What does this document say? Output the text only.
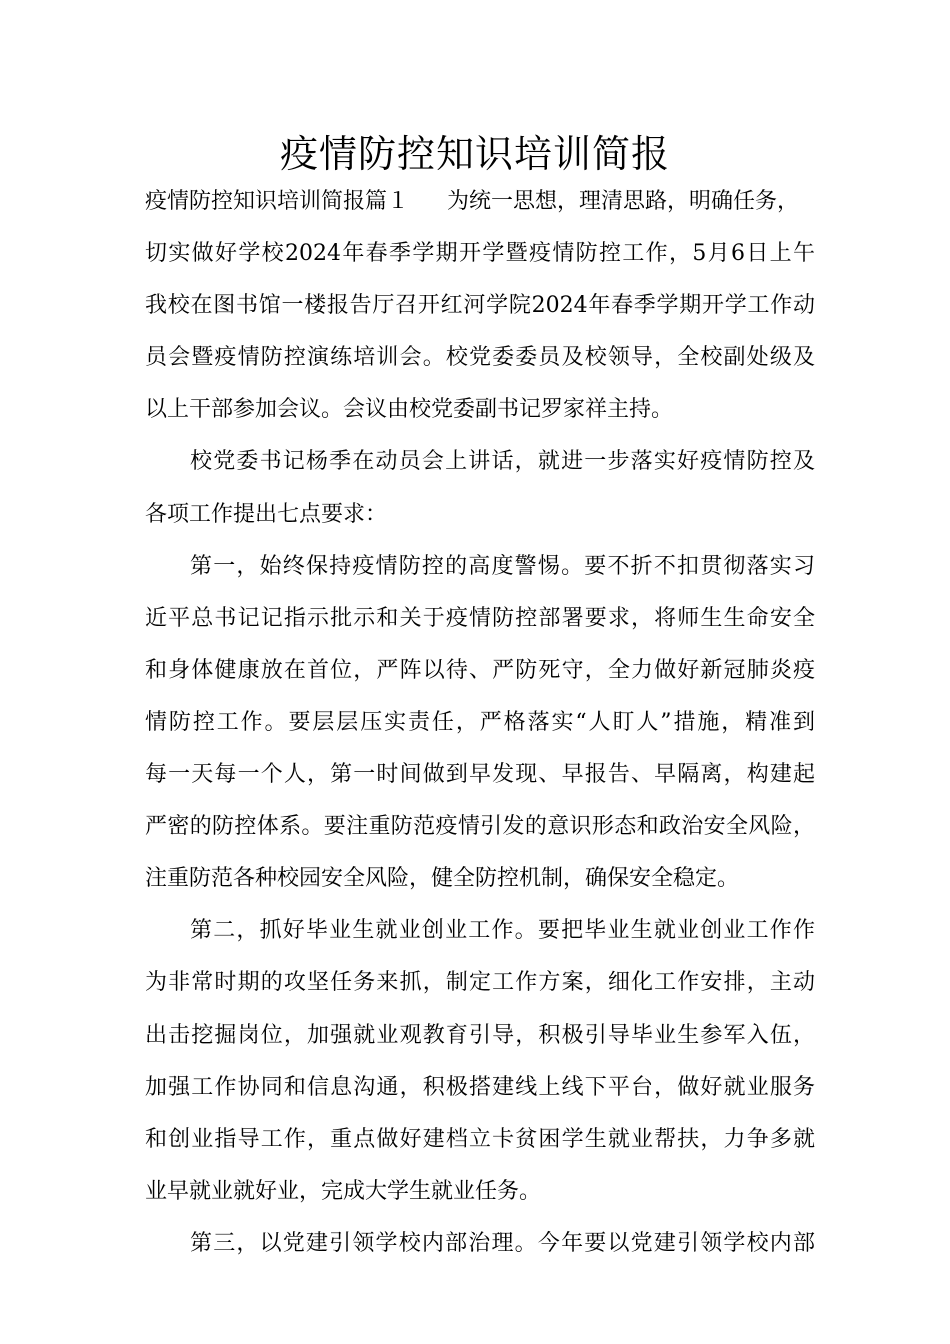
疫情防控知识培训简报
疫情防控知识培训简报篇１ 为统一思想，理清思路，明确任务，
切实做好学校2024年春季学期开学暨疫情防控工作，5月6日上午
我校在图书馆一楼报告厅召开红河学院2024年春季学期开学工作动
员会暨疫情防控演练培训会。校党委委员及校领导，全校副处级及
以上干部参加会议。会议由校党委副书记罗家祥主持。
校党委书记杨季在动员会上讲话，就进一步落实好疫情防控及
各项工作提出七点要求：
第一，始终保持疫情防控的高度警惕。要不折不扣贯彻落实习
近平总书记记指示批示和关于疫情防控部署要求，将师生生命安全
和身体健康放在首位，严阵以待、严防死守，全力做好新冠肺炎疫
情防控工作。要层层压实责任，严格落实“人盯人”措施，精准到
每一天每一个人，第一时间做到早发现、早报告、早隔离，构建起
严密的防控体系。要注重防范疫情引发的意识形态和政治安全风险，
注重防范各种校园安全风险，健全防控机制，确保安全稳定。
第二，抓好毕业生就业创业工作。要把毕业生就业创业工作作
为非常时期的攻坚任务来抓，制定工作方案，细化工作安排，主动
出击挖掘岗位，加强就业观教育引导，积极引导毕业生参军入伍，
加强工作协同和信息沟通，积极搭建线上线下平台，做好就业服务
和创业指导工作，重点做好建档立卡贫困学生就业帮扶，力争多就
业早就业就好业，完成大学生就业任务。
第三，以党建引领学校内部治理。今年要以党建引领学校内部
